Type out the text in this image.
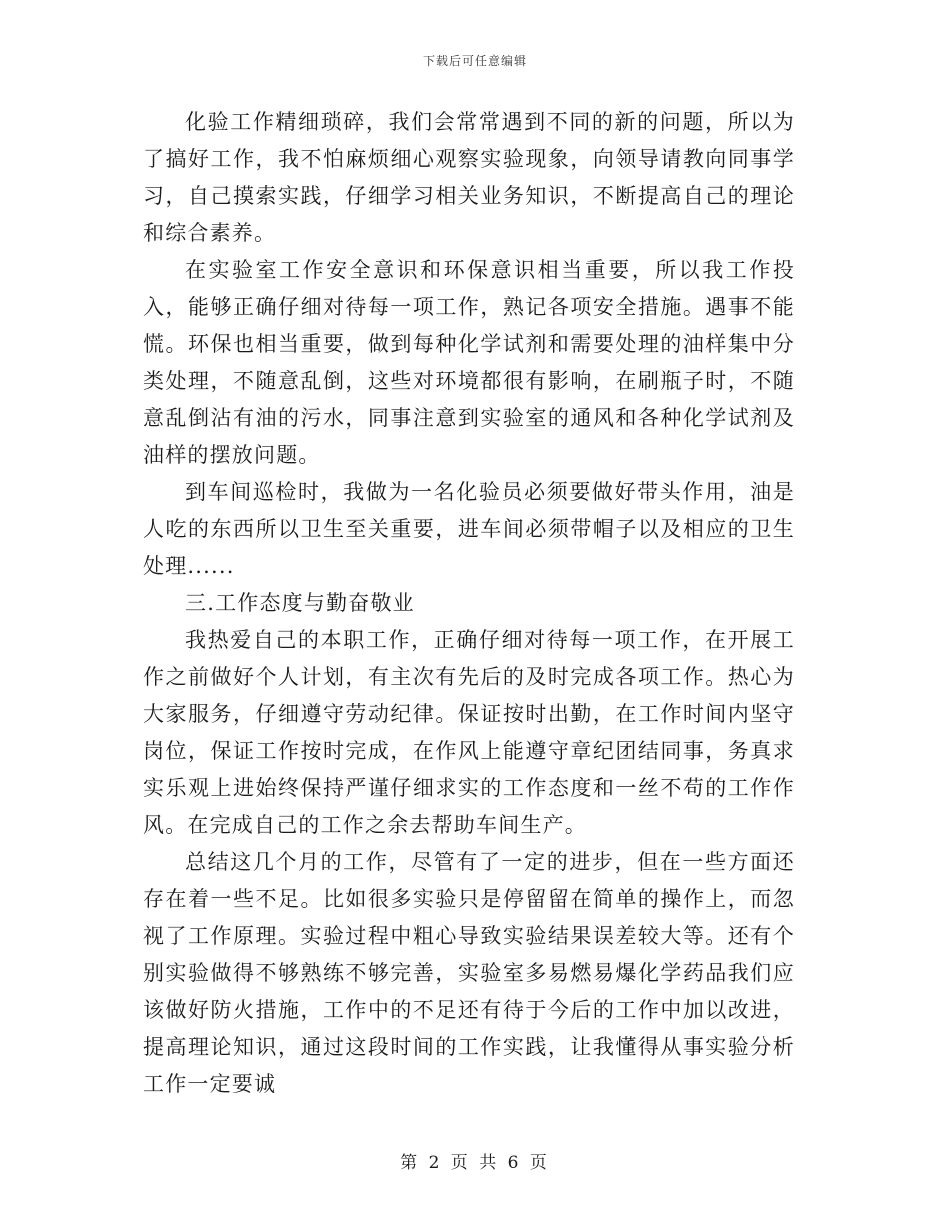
下载后可任意编辑

化验工作精细琐碎，我们会常常遇到不同的新的问题，所以为了搞好工作，我不怕麻烦细心观察实验现象，向领导请教向同事学习，自己摸索实践，仔细学习相关业务知识，不断提高自己的理论和综合素养。

在实验室工作安全意识和环保意识相当重要，所以我工作投入，能够正确仔细对待每一项工作，熟记各项安全措施。遇事不能慌。环保也相当重要，做到每种化学试剂和需要处理的油样集中分类处理，不随意乱倒，这些对环境都很有影响，在刷瓶子时，不随意乱倒沾有油的污水，同事注意到实验室的通风和各种化学试剂及油样的摆放问题。

到车间巡检时，我做为一名化验员必须要做好带头作用，油是人吃的东西所以卫生至关重要，进车间必须带帽子以及相应的卫生处理......

三.工作态度与勤奋敬业

我热爱自己的本职工作，正确仔细对待每一项工作，在开展工作之前做好个人计划，有主次有先后的及时完成各项工作。热心为大家服务，仔细遵守劳动纪律。保证按时出勤，在工作时间内坚守岗位，保证工作按时完成，在作风上能遵守章纪团结同事，务真求实乐观上进始终保持严谨仔细求实的工作态度和一丝不苟的工作作风。在完成自己的工作之余去帮助车间生产。

总结这几个月的工作，尽管有了一定的进步，但在一些方面还存在着一些不足。比如很多实验只是停留留在简单的操作上，而忽视了工作原理。实验过程中粗心导致实验结果误差较大等。还有个别实验做得不够熟练不够完善，实验室多易燃易爆化学药品我们应该做好防火措施，工作中的不足还有待于今后的工作中加以改进，提高理论知识，通过这段时间的工作实践，让我懂得从事实验分析工作一定要诚

第 2 页 共 6 页
